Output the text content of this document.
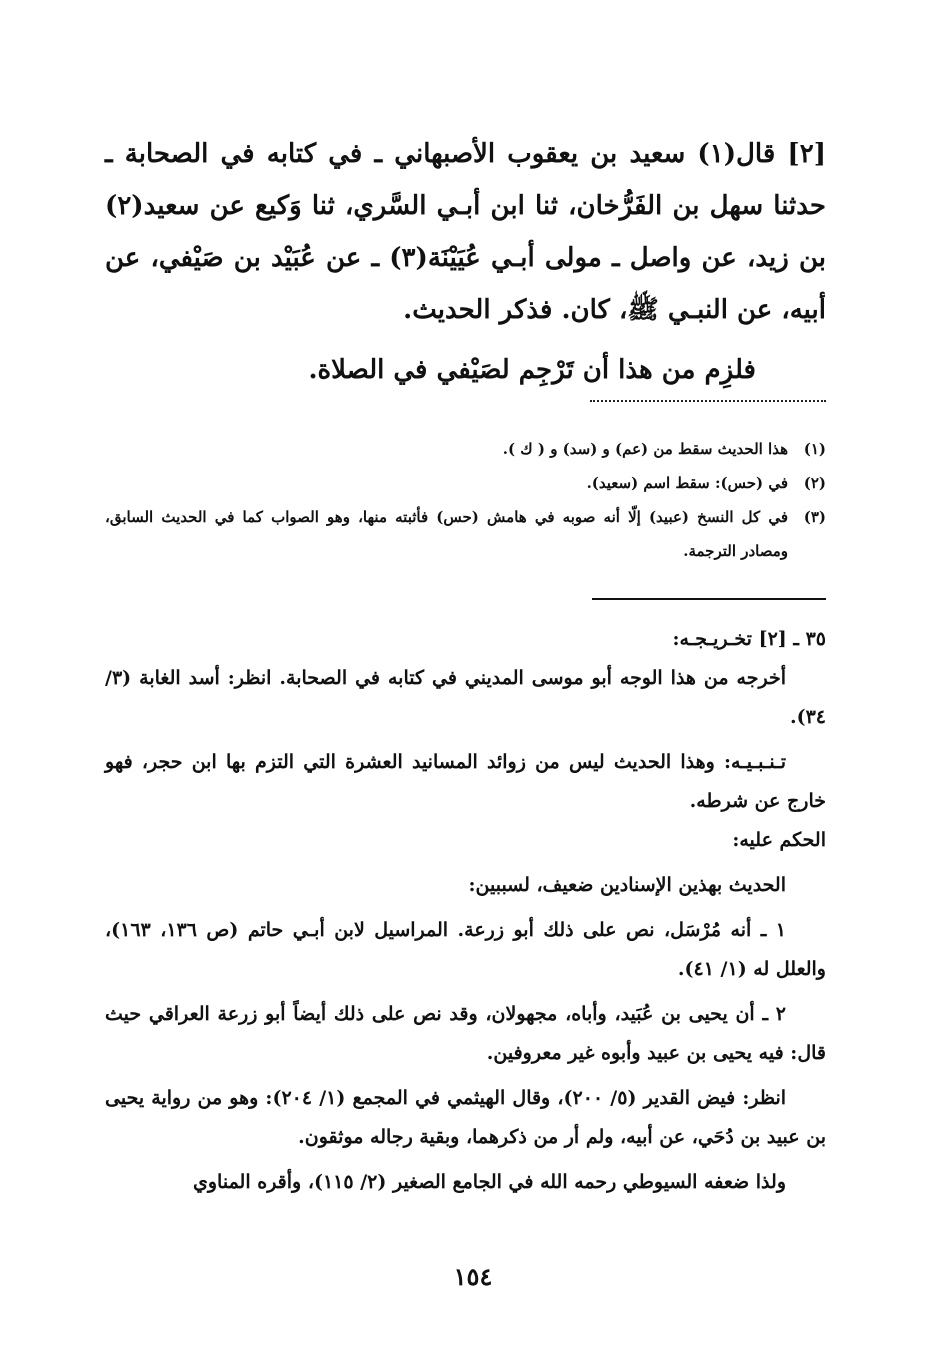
[٢] قال(١) سعيد بن يعقوب الأصبهاني ـ في كتابه في الصحابة ـ حدثنا سهل بن الفَرُّخان، ثنا ابن أبـي السَّري، ثنا وَكيع عن سعيد(٢) بن زيد، عن واصل ـ مولى أبـي عُيَيْنَة(٣) ـ عن عُبَيْد بن صَيْفي، عن أبيه، عن النبـي ﷺ، كان. فذكر الحديث.

فلزِم من هذا أن تَرْجِم لصَيْفي في الصلاة.

(١)
هذا الحديث سقط من (عم) و (سد) و ( ك ).
(٢)
في (حس): سقط اسم (سعيد).
(٣)
في كل النسخ (عبيد) إلّا أنه صوبه في هامش (حس) فأثبته منها، وهو الصواب كما في الحديث السابق، ومصادر الترجمة.

٣٥ ـ [٢] تخـريـجـه:

أخرجه من هذا الوجه أبو موسى المديني في كتابه في الصحابة. انظر: أسد الغابة (٣/ ٣٤).

تـنـبـيـه: وهذا الحديث ليس من زوائد المسانيد العشرة التي التزم بها ابن حجر، فهو خارج عن شرطه.

الحكم عليه:

الحديث بهذين الإسنادين ضعيف، لسببين:

١ ـ أنه مُرْسَل، نص على ذلك أبو زرعة. المراسيل لابن أبـي حاتم (ص ١٣٦، ١٦٣)، والعلل له (١/ ٤١).

٢ ـ أن يحيى بن عُبَيد، وأباه، مجهولان، وقد نص على ذلك أيضاً أبو زرعة العراقي حيث قال: فيه يحيى بن عبيد وأبوه غير معروفين.

انظر: فيض القدير (٥/ ٢٠٠)، وقال الهيثمي في المجمع (١/ ٢٠٤): وهو من رواية يحيى بن عبيد بن دُحَي، عن أبيه، ولم أر من ذكرهما، وبقية رجاله موثقون.

ولذا ضعفه السيوطي رحمه الله في الجامع الصغير (٢/ ١١٥)، وأقره المناوي

١٥٤
